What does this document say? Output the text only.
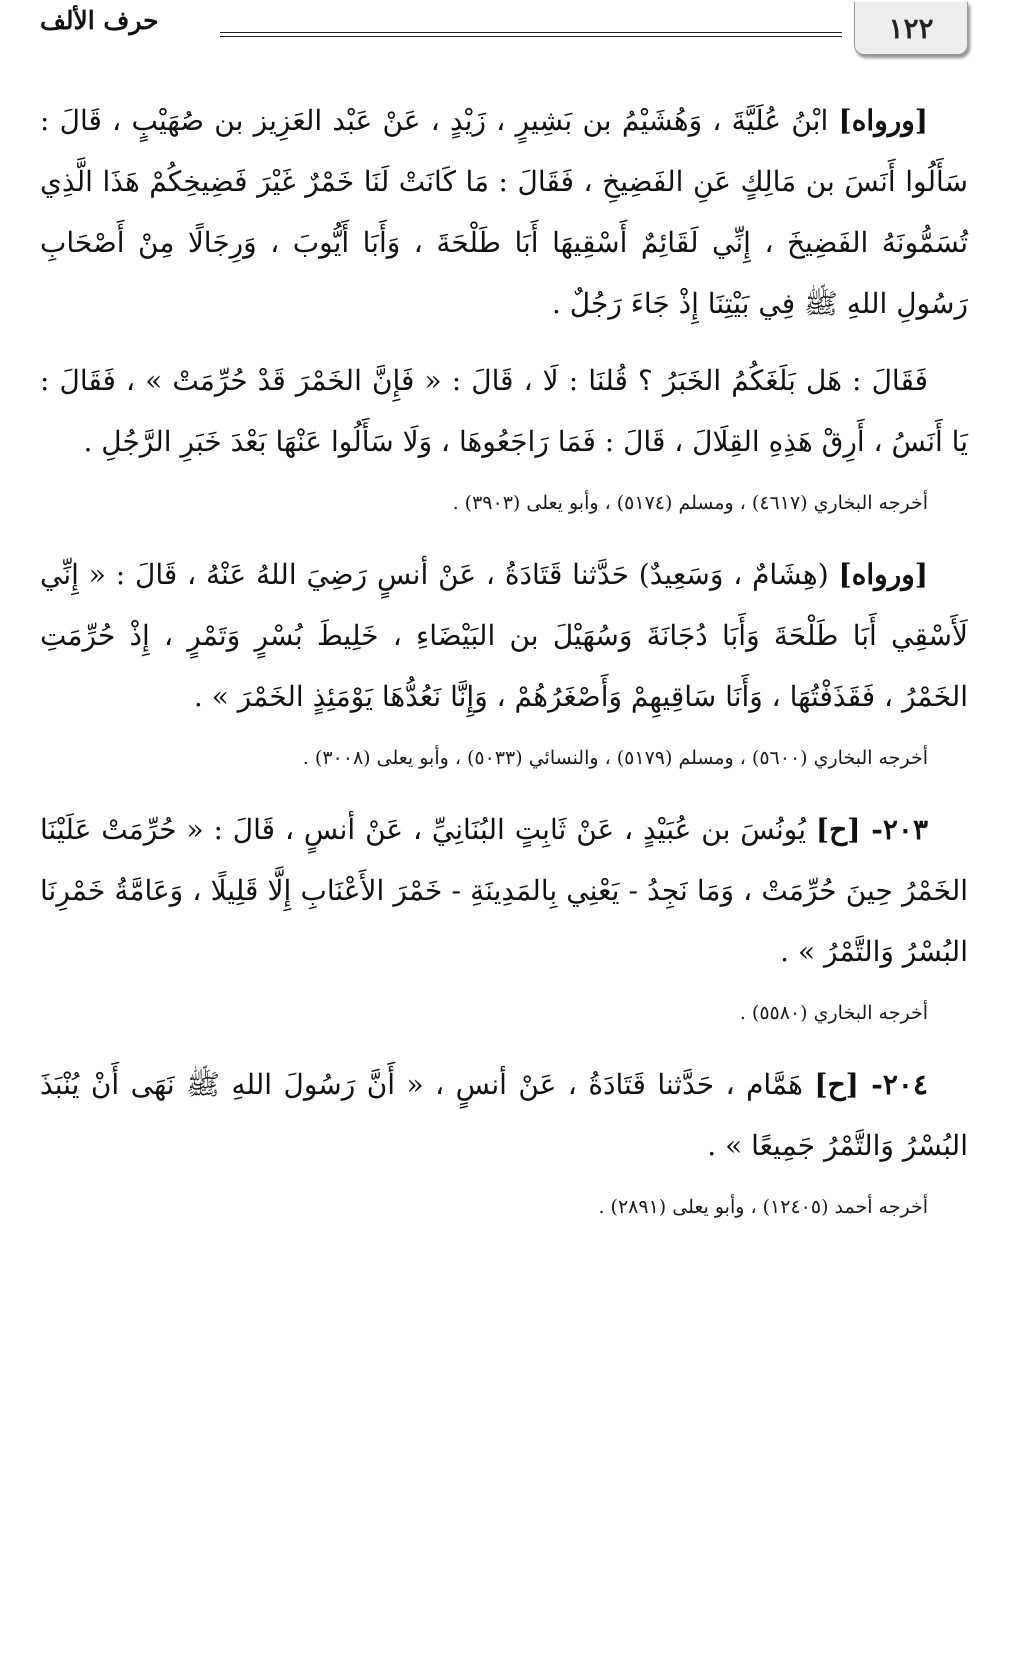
حرف الألف	١٢٢

[ورواه] ابْنُ عُلَيَّةَ ، وَهُشَيْمُ بن بَشِيرٍ ، زَيْدٍ ، عَنْ عَبْد العَزِيز بن صُهَيْبٍ ، قَالَ : سَأَلُوا أَنَسَ بن مَالِكٍ عَنِ الفَضِيخِ ، فَقَالَ : مَا كَانَتْ لَنَا خَمْرٌ غَيْرَ فَضِيخِكُمْ هَذَا الَّذِي تُسَمُّونَهُ الفَضِيخَ ، إِنِّي لَقَائِمٌ أَسْقِيهَا أَبَا طَلْحَةَ ، وَأَبَا أَيُّوبَ ، وَرِجَالًا مِنْ أَصْحَابِ رَسُولِ اللهِ ﷺ فِي بَيْتِنَا إِذْ جَاءَ رَجُلٌ .

فَقَالَ : هَل بَلَغَكُمُ الخَبَرُ ؟ قُلنَا : لَا ، قَالَ : « فَإِنَّ الخَمْرَ قَدْ حُرِّمَتْ » ، فَقَالَ : يَا أَنَسُ ، أَرِقْ هَذِهِ القِلَالَ ، قَالَ : فَمَا رَاجَعُوهَا ، وَلَا سَأَلُوا عَنْهَا بَعْدَ خَبَرِ الرَّجُلِ .

أخرجه البخاري (٤٦١٧) ، ومسلم (٥١٧٤) ، وأبو يعلى (٣٩٠٣) .

[ورواه] (هِشَامٌ ، وَسَعِيدٌ) حَدَّثنا قَتَادَةُ ، عَنْ أنسٍ رَضِيَ اللهُ عَنْهُ ، قَالَ : « إِنِّي لَأَسْقِي أَبَا طَلْحَةَ وَأَبَا دُجَانَةَ وَسُهَيْلَ بن البَيْضَاءِ ، خَلِيطَ بُسْرٍ وَتَمْرٍ ، إِذْ حُرِّمَتِ الخَمْرُ ، فَقَذَفْتُهَا ، وَأَنَا سَاقِيهِمْ وَأَصْغَرُهُمْ ، وَإِنَّا نَعُدُّهَا يَوْمَئِذٍ الخَمْرَ » .

أخرجه البخاري (٥٦٠٠) ، ومسلم (٥١٧٩) ، والنسائي (٥٠٣٣) ، وأبو يعلى (٣٠٠٨) .

٢٠٣- [ح] يُونُسَ بن عُبَيْدٍ ، عَنْ ثَابِتٍ البُنَانِيِّ ، عَنْ أنسٍ ، قَالَ : « حُرِّمَتْ عَلَيْنَا الخَمْرُ حِينَ حُرِّمَتْ ، وَمَا نَجِدُ - يَعْنِي بِالمَدِينَةِ - خَمْرَ الأَعْنَابِ إِلَّا قَلِيلًا ، وَعَامَّةُ خَمْرِنَا البُسْرُ وَالتَّمْرُ » .

أخرجه البخاري (٥٥٨٠) .

٢٠٤- [ح] هَمَّام ، حَدَّثنا قَتَادَةُ ، عَنْ أنسٍ ، « أَنَّ رَسُولَ اللهِ ﷺ نَهَى أَنْ يُنْبَذَ البُسْرُ وَالتَّمْرُ جَمِيعًا » .

أخرجه أحمد (١٢٤٠٥) ، وأبو يعلى (٢٨٩١) .
